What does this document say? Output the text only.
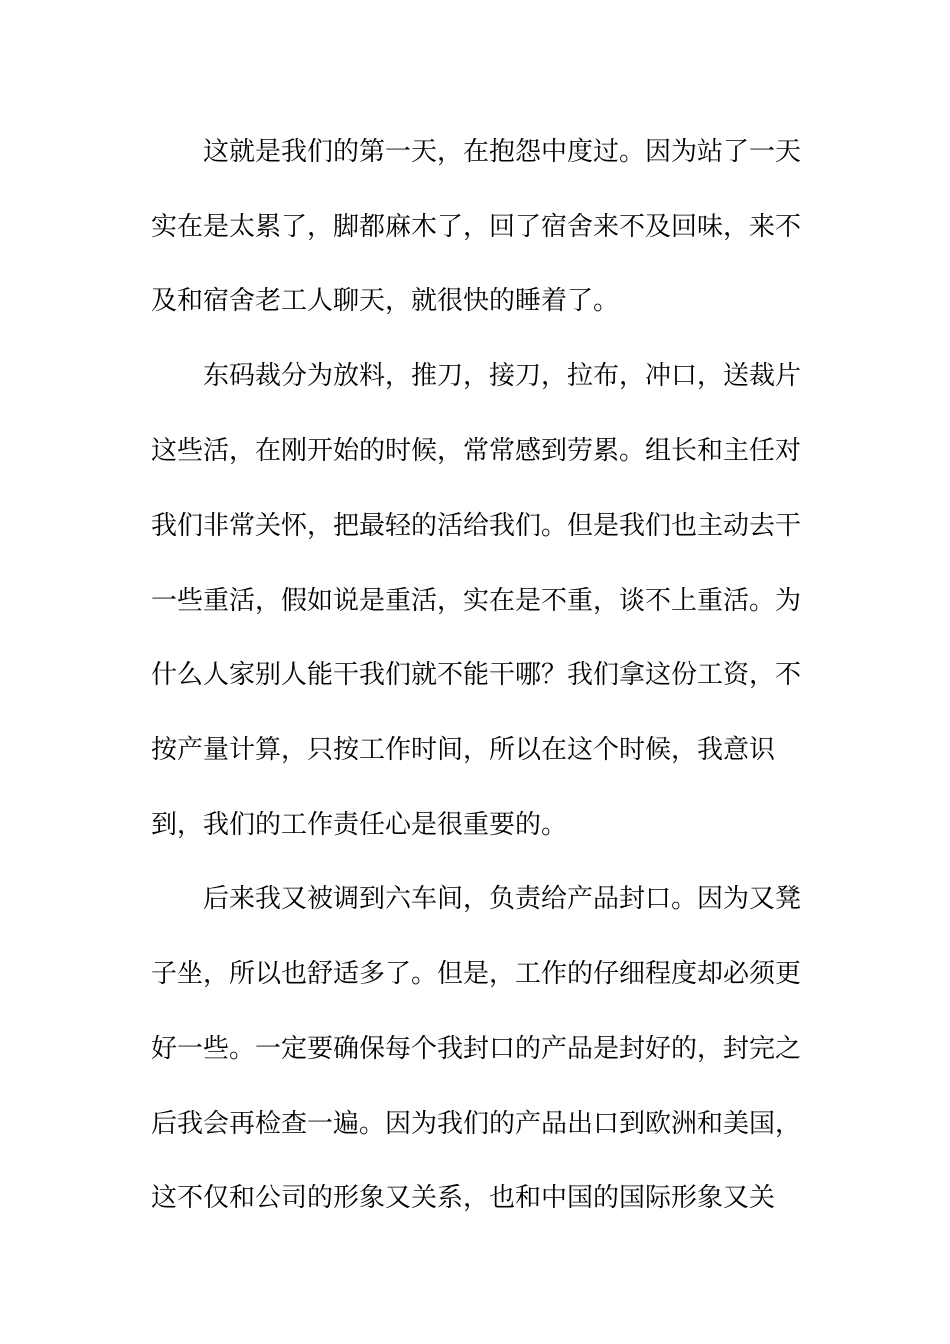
　　这就是我们的第一天，在抱怨中度过。因为站了一天
实在是太累了，脚都麻木了，回了宿舍来不及回味，来不
及和宿舍老工人聊天，就很快的睡着了。
　　东码裁分为放料，推刀，接刀，拉布，冲口，送裁片
这些活，在刚开始的时候，常常感到劳累。组长和主任对
我们非常关怀，把最轻的活给我们。但是我们也主动去干
一些重活，假如说是重活，实在是不重，谈不上重活。为
什么人家别人能干我们就不能干哪？我们拿这份工资，不
按产量计算，只按工作时间，所以在这个时候，我意识
到，我们的工作责任心是很重要的。
　　后来我又被调到六车间，负责给产品封口。因为又凳
子坐，所以也舒适多了。但是，工作的仔细程度却必须更
好一些。一定要确保每个我封口的产品是封好的，封完之
后我会再检查一遍。因为我们的产品出口到欧洲和美国，
这不仅和公司的形象又关系，也和中国的国际形象又关
